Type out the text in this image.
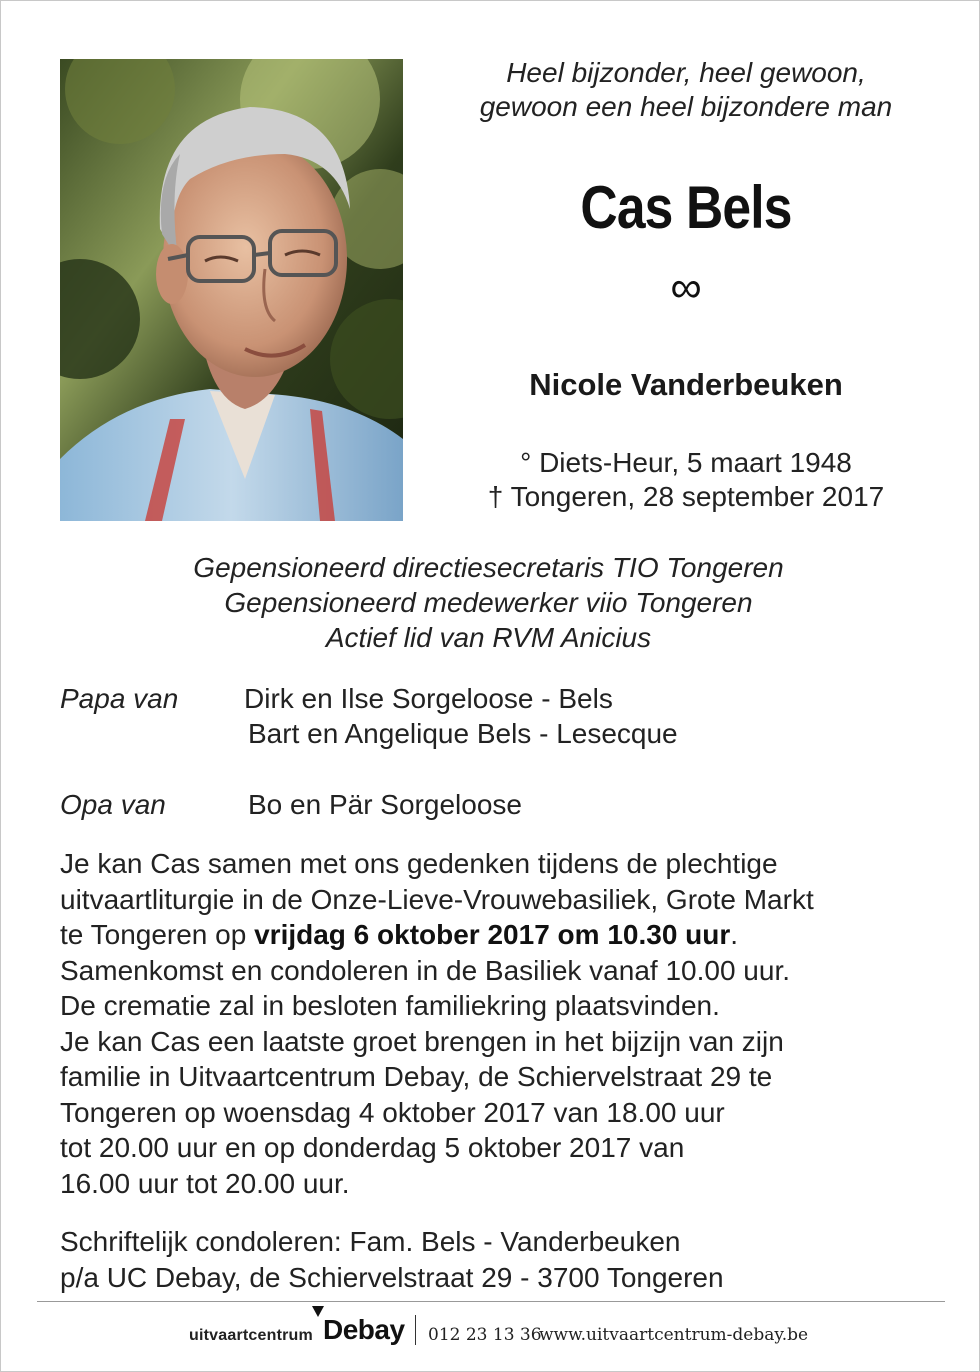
Heel bijzonder, heel gewoon,
gewoon een heel bijzondere man
Cas Bels
∞
Nicole Vanderbeuken
° Diets-Heur, 5 maart 1948
† Tongeren, 28 september 2017
Gepensioneerd directiesecretaris TIO Tongeren
Gepensioneerd medewerker viio Tongeren
Actief lid van RVM Anicius
Papa van Dirk en Ilse Sorgeloose - Bels
Bart en Angelique Bels - Lesecque
Opa van	Bo en Pär Sorgeloose

Je kan Cas samen met ons gedenken tijdens de plechtige

uitvaartliturgie in de Onze-Lieve-Vrouwebasiliek, Grote Markt

te Tongeren op vrijdag 6 oktober 2017 om 10.30 uur.

Samenkomst en condoleren in de Basiliek vanaf 10.00 uur.

De crematie zal in besloten familiekring plaatsvinden.

Je kan Cas een laatste groet brengen in het bijzijn van zijn

familie in Uitvaartcentrum Debay, de Schiervelstraat 29 te

Tongeren op woensdag 4 oktober 2017 van 18.00 uur

tot 20.00 uur en op donderdag 5 oktober 2017 van

16.00 uur tot 20.00 uur.

Schriftelijk condoleren: Fam. Bels - Vanderbeuken
p/a UC Debay, de Schiervelstraat 29 - 3700 Tongeren
uitvaartcentrum Debay 012 23 13 36
www.uitvaartcentrum-debay.be
